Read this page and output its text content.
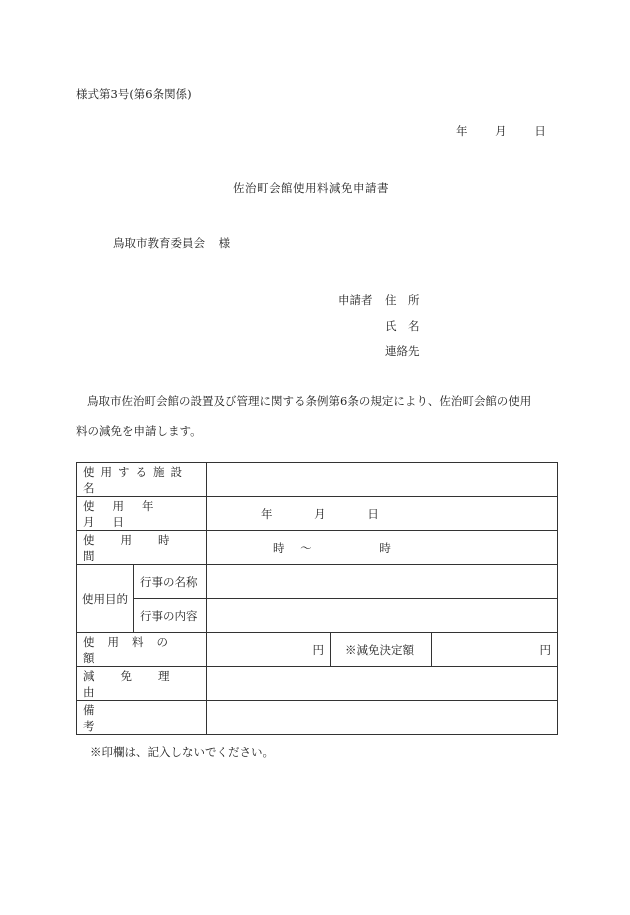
様式第3号(第6条関係)
年 月 日
佐治町会館使用料減免申請書
鳥取市教育委員会 様
申請者 住　所
氏　名
連絡先
鳥取市佐治町会館の設置及び管理に関する条例第6条の規定により、佐治町会館の使用
料の減免を申請します。
使用する施設名				

使用年月日		年 月 日		
使用時間		時 ～ 時		
使用目的	行事の名称			
	行事の内容			
使用料の額		円	※減免決定額	円
減免理由				
備考				
※印欄は、記入しないでください。
